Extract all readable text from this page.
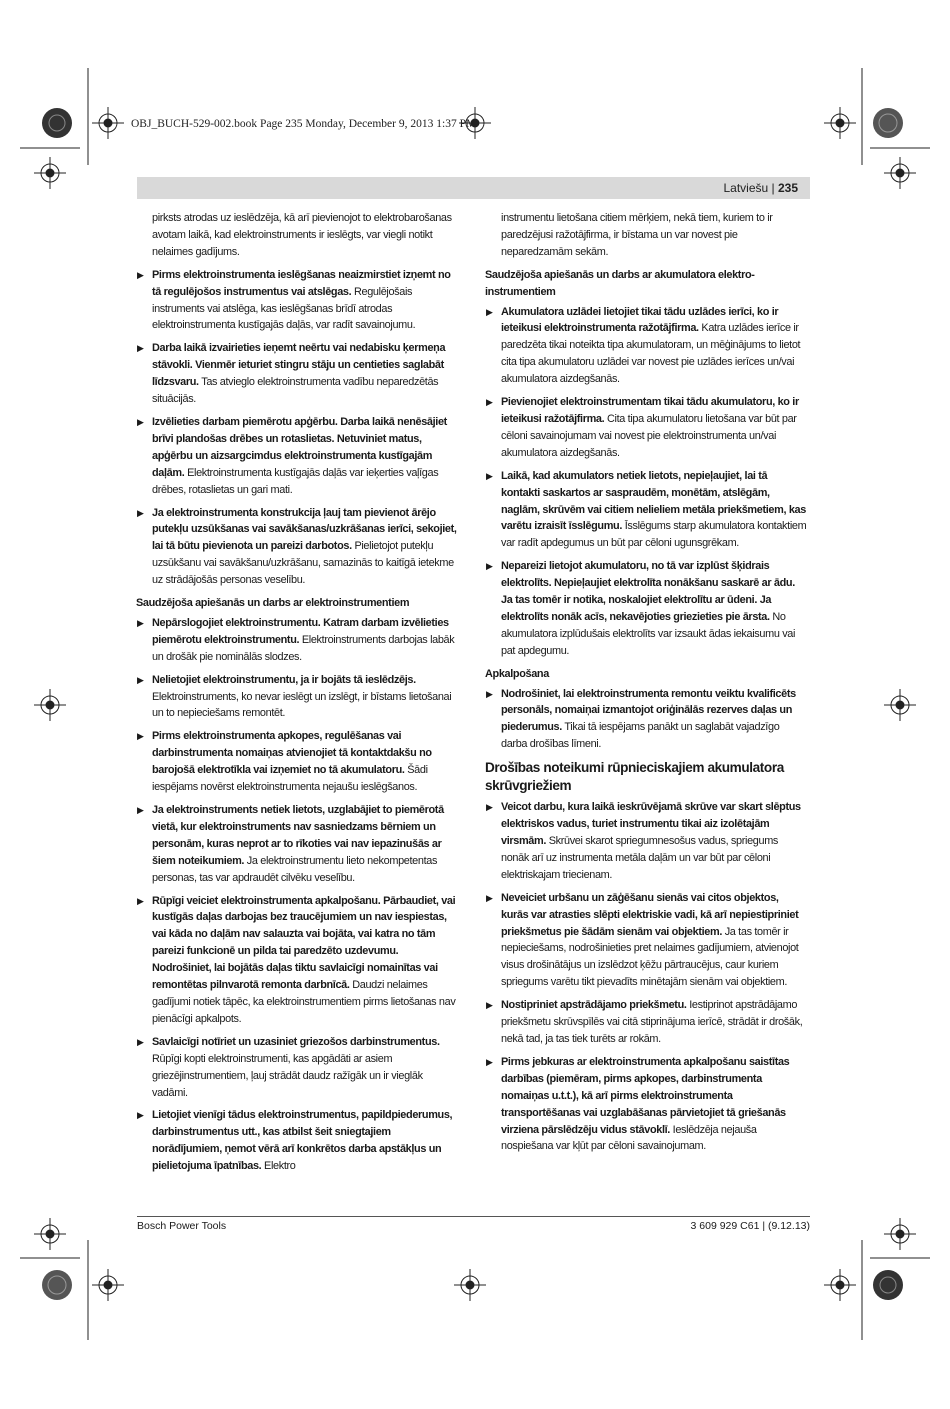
OBJ_BUCH-529-002.book Page 235 Monday, December 9, 2013 1:37 PM
Latviešu | 235

pirksts atrodas uz ieslēdzēja, kā arī pievienojot to elektrobarošanas avotam laikā, kad elektroinstruments ir ieslēgts, var viegli notikt nelaimes gadījums.

▶ Pirms elektroinstrumenta ieslēgšanas neaizmirstiet izņemt no tā regulējošos instrumentus vai atslēgas. Regulējošais instruments vai atslēga, kas ieslēgšanas brīdī atrodas elektroinstrumenta kustīgajās daļās, var radīt savainojumu.
▶ Darba laikā izvairieties ieņemt neērtu vai nedabisku ķermeņa stāvokli. Vienmēr ieturiet stingru stāju un centieties saglabāt līdzsvaru. Tas atvieglo elektroinstrumenta vadību neparedzētās situācijās.
▶ Izvēlieties darbam piemērotu apģērbu. Darba laikā nenēsājiet brīvi plandošas drēbes un rotaslietas. Netuviniet matus, apģērbu un aizsargcimdus elektroinstrumenta kustīgajām daļām. Elektroinstrumenta kustīgajās daļās var ieķerties vaļīgas drēbes, rotaslietas un gari mati.
▶ Ja elektroinstrumenta konstrukcija ļauj tam pievienot ārējo putekļu uzsūkšanas vai savākšanas/uzkrāšanas ierīci, sekojiet, lai tā būtu pievienota un pareizi darbotos. Pielietojot putekļu uzsūkšanu vai savākšanu/uzkrāšanu, samazinās to kaitīgā ietekme uz strādājošās personas veselību.
Saudzējoša apiešanās un darbs ar elektroinstrumentiem
▶ Nepārslogojiet elektroinstrumentu. Katram darbam izvēlieties piemērotu elektroinstrumentu. Elektroinstruments darbojas labāk un drošāk pie nominālās slodzes.
▶ Nelietojiet elektroinstrumentu, ja ir bojāts tā ieslēdzējs. Elektroinstruments, ko nevar ieslēgt un izslēgt, ir bīstams lietošanai un to nepieciešams remontēt.
▶ Pirms elektroinstrumenta apkopes, regulēšanas vai darbinstrumenta nomaiņas atvienojiet tā kontaktdakšu no barojošā elektrotīkla vai izņemiet no tā akumulatoru. Šādi iespējams novērst elektroinstrumenta nejaušu ieslēgšanos.
▶ Ja elektroinstruments netiek lietots, uzglabājiet to piemērotā vietā, kur elektroinstruments nav sasniedzams bērniem un personām, kuras neprot ar to rīkoties vai nav iepazinušās ar šiem noteikumiem. Ja elektroinstrumentu lieto nekompetentas personas, tas var apdraudēt cilvēku veselību.
▶ Rūpīgi veiciet elektroinstrumenta apkalpošanu. Pārbaudiet, vai kustīgās daļas darbojas bez traucējumiem un nav iespiestas, vai kāda no daļām nav salauzta vai bojāta, vai katra no tām pareizi funkcionē un pilda tai paredzēto uzdevumu. Nodrošiniet, lai bojātās daļas tiktu savlaicīgi nomainītas vai remontētas pilnvarotā remonta darbnīcā. Daudzi nelaimes gadījumi notiek tāpēc, ka elektroinstrumentiem pirms lietošanas nav pienācīgi apkalpots.
▶ Savlaicīgi notīriet un uzasiniet griezošos darbinstrumentus. Rūpīgi kopti elektroinstrumenti, kas apgādāti ar asiem griezējinstrumentiem, ļauj strādāt daudz ražīgāk un ir vieglāk vadāmi.
▶ Lietojiet vienīgi tādus elektroinstrumentus, papildpiederumus, darbinstrumentus utt., kas atbilst šeit sniegtajiem norādījumiem, ņemot vērā arī konkrētos darba apstākļus un pielietojuma īpatnības. Elektro

instrumentu lietošana citiem mērķiem, nekā tiem, kuriem to ir paredzējusi ražotājfirma, ir bīstama un var novest pie neparedzamām sekām.

Saudzējoša apiešanās un darbs ar akumulatora elektroinstrumentiem
▶ Akumulatora uzlādei lietojiet tikai tādu uzlādes ierīci, ko ir ieteikusi elektroinstrumenta ražotājfirma. Katra uzlādes ierīce ir paredzēta tikai noteikta tipa akumulatoram, un mēģinājums to lietot cita tipa akumulatoru uzlādei var novest pie uzlādes ierīces un/vai akumulatora aizdegšanās.
▶ Pievienojiet elektroinstrumentam tikai tādu akumulatoru, ko ir ieteikusi ražotājfirma. Cita tipa akumulatoru lietošana var būt par cēloni savainojumam vai novest pie elektroinstrumenta un/vai akumulatora aizdegšanās.
▶ Laikā, kad akumulators netiek lietots, nepieļaujiet, lai tā kontakti saskartos ar saspraudēm, monētām, atslēgām, naglām, skrūvēm vai citiem nelieliem metāla priekšmetiem, kas varētu izraisīt īsslēgumu. Īsslēgums starp akumulatora kontaktiem var radīt apdegumus un būt par cēloni ugunsgrēkam.
▶ Nepareizi lietojot akumulatoru, no tā var izplūst šķidrais elektrolīts. Nepieļaujiet elektrolīta nonākšanu saskarē ar ādu. Ja tas tomēr ir notika, noskalojiet elektrolītu ar ūdeni. Ja elektrolīts nonāk acīs, nekavējoties griezieties pie ārsta. No akumulatora izplūdušais elektrolīts var izsaukt ādas iekaisumu vai pat apdegumu.
Apkalpošana
▶ Nodrošiniet, lai elektroinstrumenta remontu veiktu kvalificēts personāls, nomaiņai izmantojot oriģinālās rezerves daļas un piederumus. Tikai tā iespējams panākt un saglabāt vajadzīgo darba drošības līmeni.
Drošības noteikumi rūpnieciskajiem akumulatora skrūvgriežiem
▶ Veicot darbu, kura laikā ieskrūvējamā skrūve var skart slēptus elektriskos vadus, turiet instrumentu tikai aiz izolētajām virsmām. Skrūvei skarot spriegumnesošus vadus, spriegums nonāk arī uz instrumenta metāla daļām un var būt par cēloni elektriskajam triecienam.
▶ Neveiciet urbšanu un zāģēšanu sienās vai citos objektos, kurās var atrasties slēpti elektriskie vadi, kā arī nepiestipriniet priekšmetus pie šādām sienām vai objektiem. Ja tas tomēr ir nepieciešams, nodrošinieties pret nelaimes gadījumiem, atvienojot visus drošinātājus un izslēdzot ķēžu pārtraucējus, caur kuriem spriegums varētu tikt pievadīts minētajām sienām vai objektiem.
▶ Nostipriniet apstrādājamo priekšmetu. Iestiprinot apstrādājamo priekšmetu skrūvspīlēs vai citā stiprinājuma ierīcē, strādāt ir drošāk, nekā tad, ja tas tiek turēts ar rokām.
▶ Pirms jebkuras ar elektroinstrumenta apkalpošanu saistītas darbības (piemēram, pirms apkopes, darbinstrumenta nomaiņas u.t.t.), kā arī pirms elektroinstrumenta transportēšanas vai uzglabāšanas pārvietojiet tā griešanās virziena pārslēdzēju vidus stāvoklī. Ieslēdzēja nejauša nospiešana var kļūt par cēloni savainojumam.
Bosch Power Tools	3 609 929 C61 | (9.12.13)
